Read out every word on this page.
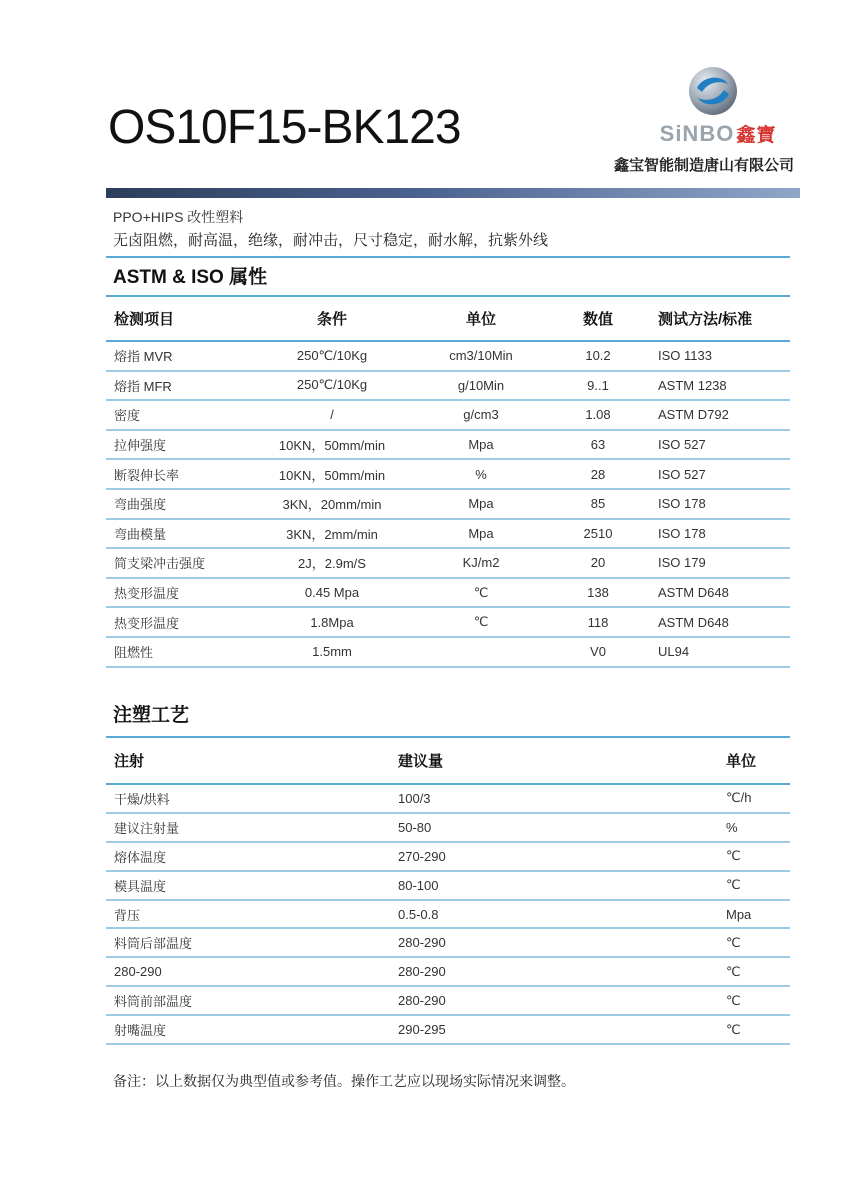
OS10F15-BK123	SiNBO 鑫寶
鑫宝智能制造唐山有限公司
PPO+HIPS 改性塑料
无卤阻燃，耐高温，绝缘，耐冲击，尺寸稳定，耐水解，抗紫外线
ASTM & ISO 属性
检测项目	条件	单位	数值	测试方法/标准
熔指 MVR	250℃/10Kg	cm3/10Min	10.2	ISO 1133
熔指 MFR	250℃/10Kg	g/10Min	9..1	ASTM 1238
密度	/	g/cm3	1.08	ASTM D792
拉伸强度	10KN，50mm/min	Mpa	63	ISO 527
断裂伸长率	10KN，50mm/min	%	28	ISO 527
弯曲强度	3KN，20mm/min	Mpa	85	ISO 178
弯曲模量	3KN，2mm/min	Mpa	2510	ISO 178
简支梁冲击强度	2J，2.9m/S	KJ/m2	20	ISO 179
热变形温度	0.45 Mpa	℃	138	ASTM D648
热变形温度	1.8Mpa	℃	118	ASTM D648
阻燃性	1.5mm		V0	UL94
注塑工艺
注射	建议量	单位
干燥/烘料	100/3	℃/h
建议注射量	50-80	%
熔体温度	270-290	℃
模具温度	80-100	℃
背压	0.5-0.8	Mpa
料筒后部温度	280-290	℃
280-290	280-290	℃
料筒前部温度	280-290	℃
射嘴温度	290-295	℃
备注：以上数据仅为典型值或参考值。操作工艺应以现场实际情况来调整。
